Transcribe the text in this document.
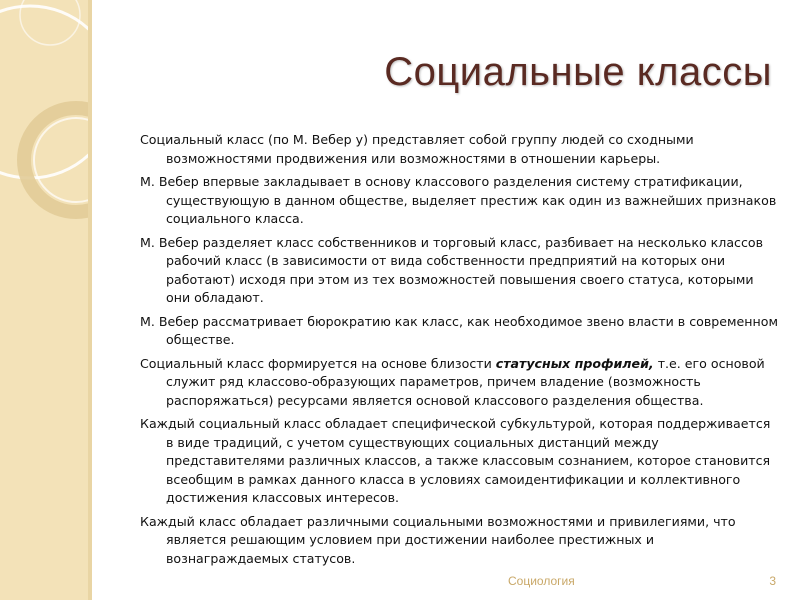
Социальные классы

Социальный класс (по М. Вебер у) представляет собой группу людей со сходными возможностями продвижения или возможностями в отношении карьеры.

М. Вебер впервые закладывает в основу классового разделения систему стратификации, существующую в данном обществе, выделяет престиж как один из важнейших признаков социального класса.

М. Вебер разделяет класс собственников и торговый класс, разбивает на несколько классов рабочий класс (в зависимости от вида собственности предприятий на которых они работают) исходя при этом из тех возможностей повышения своего статуса, которыми они обладают.

М. Вебер рассматривает бюрократию как класс, как необходимое звено власти в современном обществе.

Социальный класс формируется на основе близости статусных профилей, т.е. его основой служит ряд классово-образующих параметров, причем владение (возможность распоряжаться) ресурсами является основой классового разделения общества.

Каждый социальный класс обладает специфической субкультурой, которая поддерживается в виде традиций, с учетом существующих социальных дистанций между представителями различных классов, а также классовым сознанием, которое становится всеобщим в рамках данного класса в условиях самоидентификации и коллективного достижения классовых интересов.

Каждый класс обладает различными социальными возможностями и привилегиями, что является решающим условием при достижении наиболее престижных и вознаграждаемых статусов.

Социология	3
